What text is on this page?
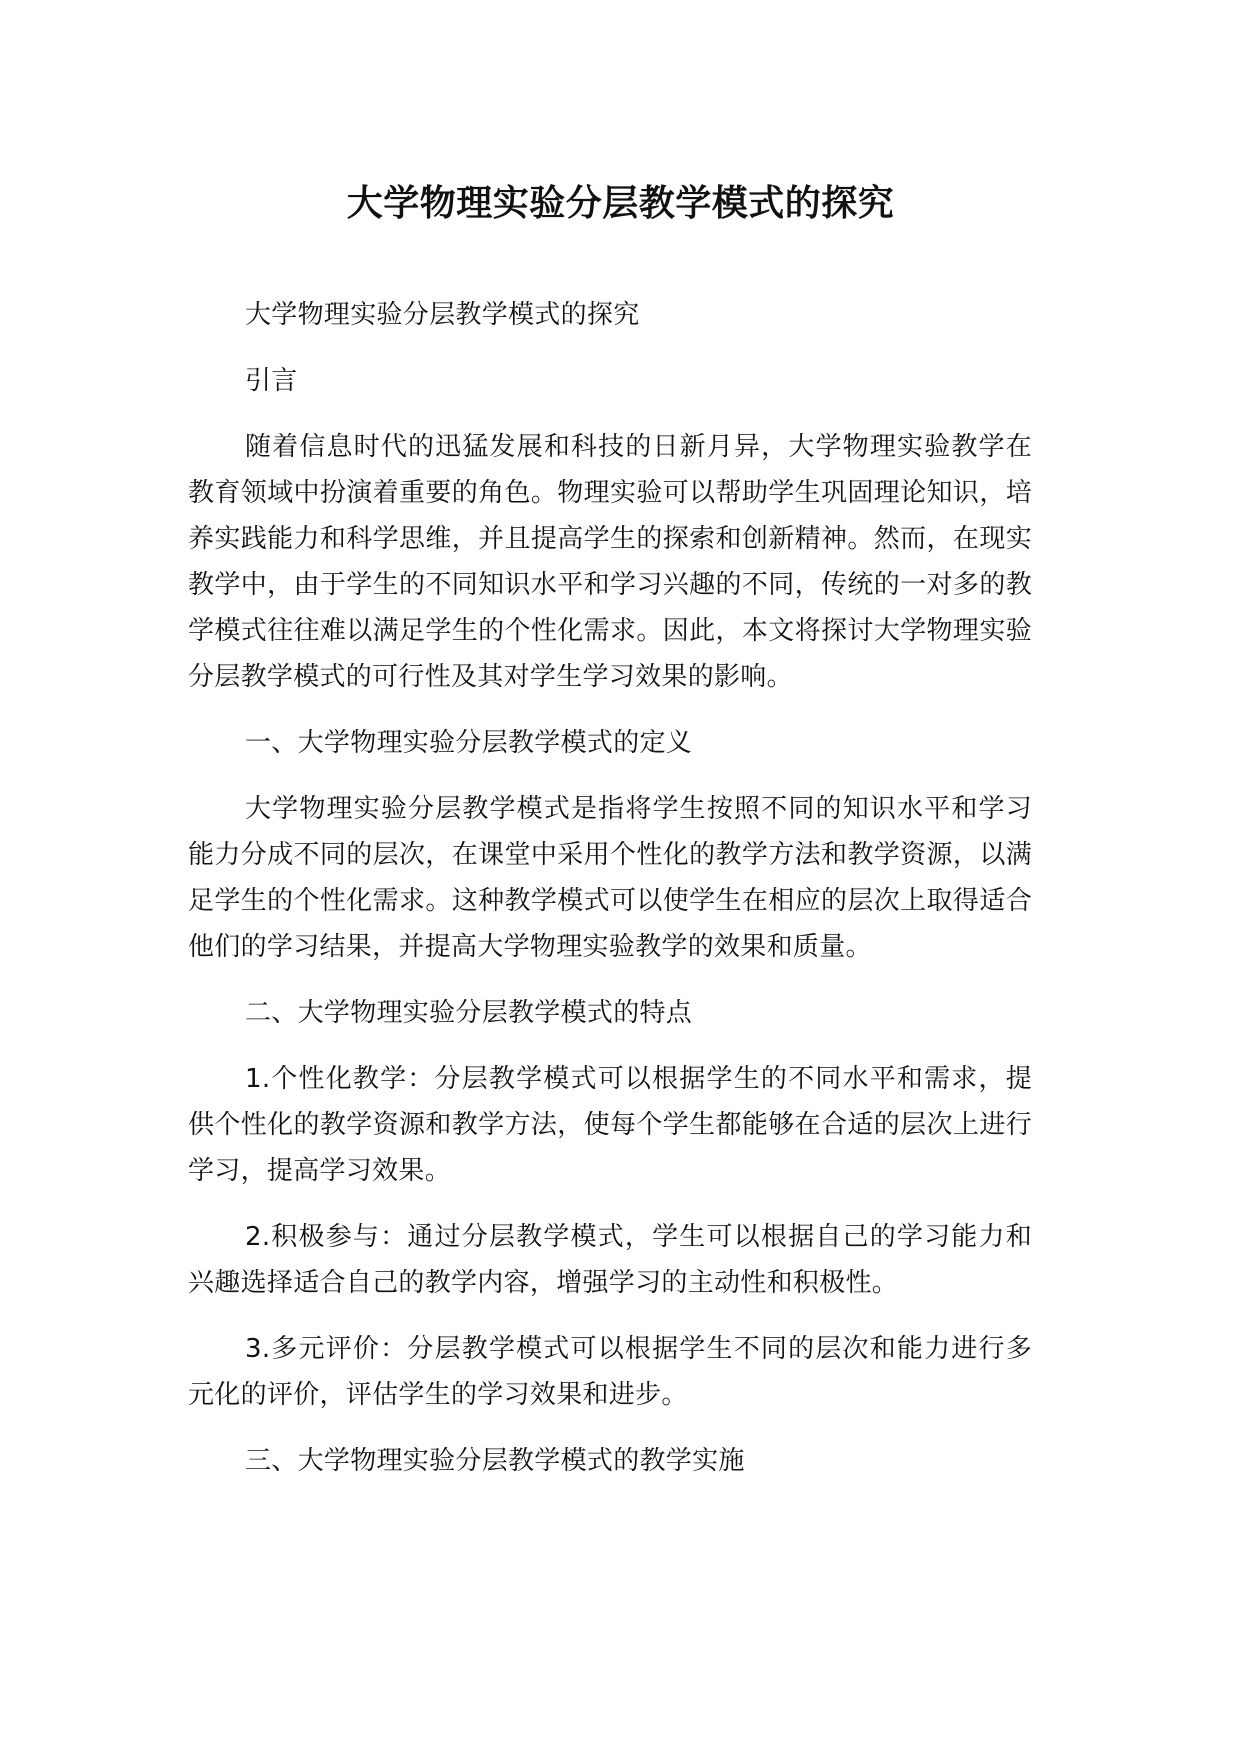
大学物理实验分层教学模式的探究

大学物理实验分层教学模式的探究

引言

随着信息时代的迅猛发展和科技的日新月异，大学物理实验教学在教育领域中扮演着重要的角色。物理实验可以帮助学生巩固理论知识，培养实践能力和科学思维，并且提高学生的探索和创新精神。然而，在现实教学中，由于学生的不同知识水平和学习兴趣的不同，传统的一对多的教学模式往往难以满足学生的个性化需求。因此，本文将探讨大学物理实验分层教学模式的可行性及其对学生学习效果的影响。

一、大学物理实验分层教学模式的定义

大学物理实验分层教学模式是指将学生按照不同的知识水平和学习能力分成不同的层次，在课堂中采用个性化的教学方法和教学资源，以满足学生的个性化需求。这种教学模式可以使学生在相应的层次上取得适合他们的学习结果，并提高大学物理实验教学的效果和质量。

二、大学物理实验分层教学模式的特点

1.个性化教学：分层教学模式可以根据学生的不同水平和需求，提供个性化的教学资源和教学方法，使每个学生都能够在合适的层次上进行学习，提高学习效果。

2.积极参与：通过分层教学模式，学生可以根据自己的学习能力和兴趣选择适合自己的教学内容，增强学习的主动性和积极性。

3.多元评价：分层教学模式可以根据学生不同的层次和能力进行多元化的评价，评估学生的学习效果和进步。

三、大学物理实验分层教学模式的教学实施
